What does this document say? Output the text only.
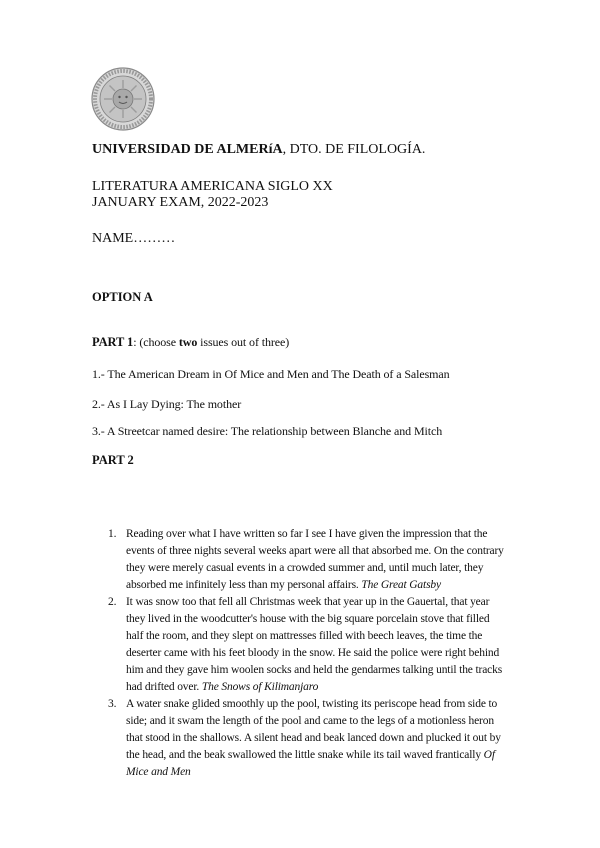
UNIVERSIDAD DE ALMERíA, DTO. DE FILOLOGÍA.
LITERATURA AMERICANA SIGLO XX
JANUARY EXAM, 2022-2023
NAME………
OPTION A
PART 1: (choose two issues out of three)
1.- The American Dream in Of Mice and Men and The Death of a Salesman
2.- As I Lay Dying: The mother
3.- A Streetcar named desire: The relationship between Blanche and Mitch
PART 2
1. Reading over what I have written so far I see I have given the impression that the events of three nights several weeks apart were all that absorbed me. On the contrary they were merely casual events in a crowded summer and, until much later, they absorbed me infinitely less than my personal affairs. The Great Gatsby
2. It was snow too that fell all Christmas week that year up in the Gauertal, that year they lived in the woodcutter's house with the big square porcelain stove that filled half the room, and they slept on mattresses filled with beech leaves, the time the deserter came with his feet bloody in the snow. He said the police were right behind him and they gave him woolen socks and held the gendarmes talking until the tracks had drifted over. The Snows of Kilimanjaro
3. A water snake glided smoothly up the pool, twisting its periscope head from side to side; and it swam the length of the pool and came to the legs of a motionless heron that stood in the shallows. A silent head and beak lanced down and plucked it out by the head, and the beak swallowed the little snake while its tail waved frantically Of Mice and Men
